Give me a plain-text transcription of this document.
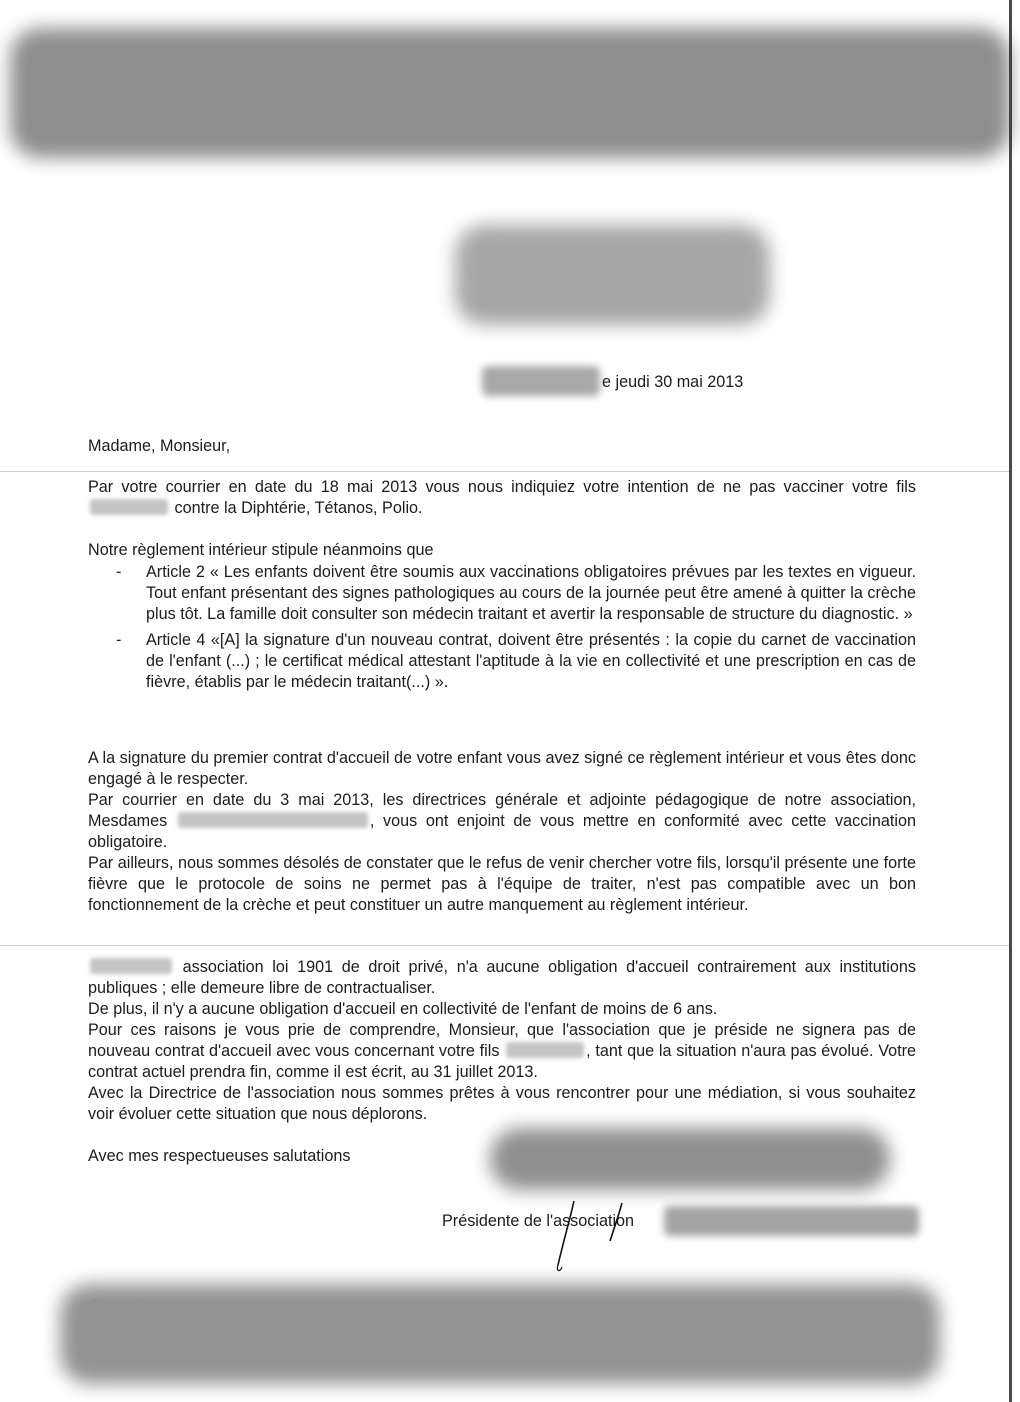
e jeudi 30 mai 2013
Madame, Monsieur,

Par votre courrier en date du 18 mai 2013 vous nous indiquiez votre intention de ne pas vacciner votre fils  contre la Diphtérie, Tétanos, Polio.

Notre règlement intérieur stipule néanmoins que
- Article 2 « Les enfants doivent être soumis aux vaccinations obligatoires prévues par les textes en vigueur. Tout enfant présentant des signes pathologiques au cours de la journée peut être amené à quitter la crèche plus tôt. La famille doit consulter son médecin traitant et avertir la responsable de structure du diagnostic. »
- Article 4 «[A] la signature d'un nouveau contrat, doivent être présentés : la copie du carnet de vaccination de l'enfant (...) ; le certificat médical attestant l'aptitude à la vie en collectivité et une prescription en cas de fièvre, établis par le médecin traitant(...) ».

A la signature du premier contrat d'accueil de votre enfant vous avez signé ce règlement intérieur et vous êtes donc engagé à le respecter.

Par courrier en date du 3 mai 2013, les directrices générale et adjointe pédagogique de notre association, Mesdames	, vous ont enjoint de vous mettre en conformité avec cette vaccination obligatoire.

Par ailleurs, nous sommes désolés de constater que le refus de venir chercher votre fils, lorsqu'il présente une forte fièvre que le protocole de soins ne permet pas à l'équipe de traiter, n'est pas compatible avec un bon fonctionnement de la crèche et peut constituer un autre manquement au règlement intérieur.

association loi 1901 de droit privé, n'a aucune obligation d'accueil contrairement aux institutions publiques ; elle demeure libre de contractualiser.

De plus, il n'y a aucune obligation d'accueil en collectivité de l'enfant de moins de 6 ans.

Pour ces raisons je vous prie de comprendre, Monsieur, que l'association que je préside ne signera pas de nouveau contrat d'accueil avec vous concernant votre fils	, tant que la situation n'aura pas évolué. Votre contrat actuel prendra fin, comme il est écrit, au 31 juillet 2013.

Avec la Directrice de l'association nous sommes prêtes à vous rencontrer pour une médiation, si vous souhaitez voir évoluer cette situation que nous déplorons.

Avec mes respectueuses salutations
Présidente de l'association
